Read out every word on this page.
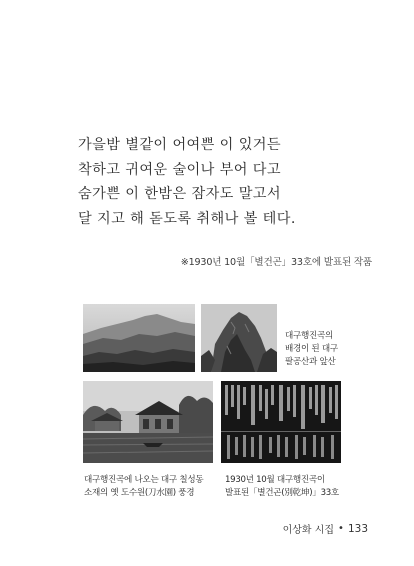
가을밤 별같이 어여쁜 이 있거든
착하고 귀여운 술이나 부어 다고
숨가쁜 이 한밤은 잠자도 말고서
달 지고 해 돋도록 취해나 볼 테다.
※1930년 10월「별건곤」33호에 발표된 작품
대구행진곡의
배경이 된 대구
팔공산과 앞산
대구행진곡에 나오는 대구 칠성동
소재의 옛 도수원(刀水園) 풍경
1930년 10월 대구행진곡이
발표된「별건곤(別乾坤)」33호
이상화 시집 • 133
